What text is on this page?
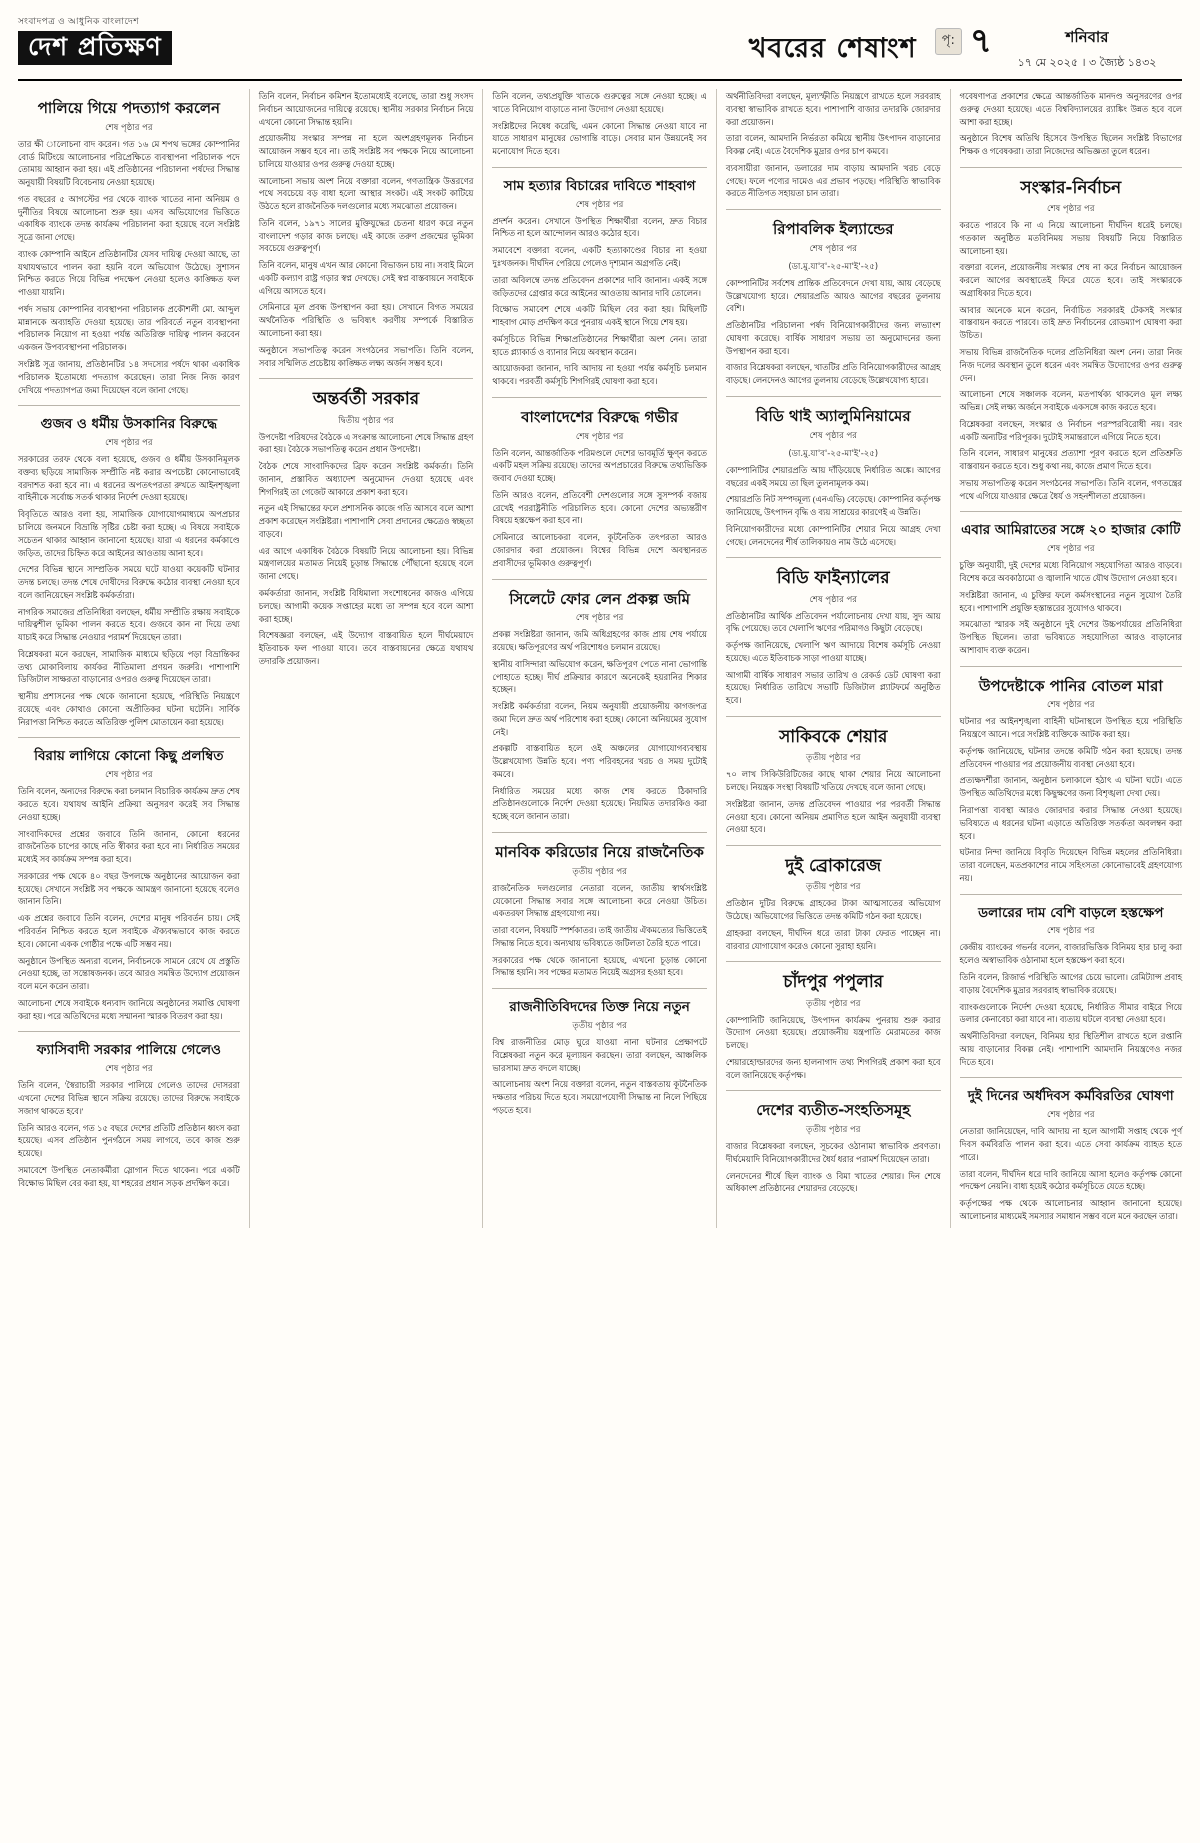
সংবাদপত্র ও আধুনিক বাংলাদেশ
দেশ প্রতিক্ষণ	খবরের শেষাংশ	পৃ: ৭	শনিবার
১৭ মে ২০২৫ । ৩ জ্যৈষ্ঠ ১৪৩২
পালিয়ে গিয়ে পদত্যাগ করলেন
শেষ পৃষ্ঠার পর

তার ক্ষী ালোচনা বাদ করেন। গত ১৬ মে শপথ ভঙ্গের কোম্পানির বোর্ড মিটিংয়ে আলোচনার পরিপ্রেক্ষিতে ব্যবস্থাপনা পরিচালক পদে তোমায় আহ্বান করা হয়। এই প্রতিষ্ঠানের পরিচালনা পর্ষদের সিদ্ধান্ত অনুযায়ী বিষয়টি বিবেচনায় নেওয়া হয়েছে।

গত বছরের ৫ আগস্টের পর থেকে ব্যাংক খাতের নানা অনিয়ম ও দুর্নীতির বিষয়ে আলোচনা শুরু হয়। এসব অভিযোগের ভিত্তিতে একাধিক ব্যাংকে তদন্ত কার্যক্রম পরিচালনা করা হয়েছে বলে সংশ্লিষ্ট সূত্রে জানা গেছে।

ব্যাংক কোম্পানি আইনে প্রতিষ্ঠানটির যেসব দায়িত্ব দেওয়া আছে, তা যথাযথভাবে পালন করা হয়নি বলে অভিযোগ উঠেছে। সুশাসন নিশ্চিত করতে গিয়ে বিভিন্ন পদক্ষেপ নেওয়া হলেও কাঙ্ক্ষিত ফল পাওয়া যায়নি।

পর্ষদ সভায় কোম্পানির ব্যবস্থাপনা পরিচালক প্রকৌশলী মো. আব্দুল মান্নানকে অব্যাহতি দেওয়া হয়েছে। তার পরিবর্তে নতুন ব্যবস্থাপনা পরিচালক নিয়োগ না হওয়া পর্যন্ত অতিরিক্ত দায়িত্ব পালন করবেন একজন উপব্যবস্থাপনা পরিচালক।

সংশ্লিষ্ট সূত্র জানায়, প্রতিষ্ঠানটির ১৪ সদস্যের পর্ষদে থাকা একাধিক পরিচালক ইতোমধ্যে পদত্যাগ করেছেন। তারা নিজ নিজ কারণ দেখিয়ে পদত্যাগপত্র জমা দিয়েছেন বলে জানা গেছে।

গুজব ও ধর্মীয় উসকানির বিরুদ্ধে
শেষ পৃষ্ঠার পর

সরকারের তরফ থেকে বলা হয়েছে, গুজব ও ধর্মীয় উসকানিমূলক বক্তব্য ছড়িয়ে সামাজিক সম্প্রীতি নষ্ট করার অপচেষ্টা কোনোভাবেই বরদাশত করা হবে না। এ ধরনের অপতৎপরতা রুখতে আইনশৃঙ্খলা বাহিনীকে সর্বোচ্চ সতর্ক থাকার নির্দেশ দেওয়া হয়েছে।

বিবৃতিতে আরও বলা হয়, সামাজিক যোগাযোগমাধ্যমে অপপ্রচার চালিয়ে জনমনে বিভ্রান্তি সৃষ্টির চেষ্টা করা হচ্ছে। এ বিষয়ে সবাইকে সচেতন থাকার আহ্বান জানানো হয়েছে। যারা এ ধরনের কর্মকাণ্ডে জড়িত, তাদের চিহ্নিত করে আইনের আওতায় আনা হবে।

দেশের বিভিন্ন স্থানে সাম্প্রতিক সময়ে ঘটে যাওয়া কয়েকটি ঘটনার তদন্ত চলছে। তদন্ত শেষে দোষীদের বিরুদ্ধে কঠোর ব্যবস্থা নেওয়া হবে বলে জানিয়েছেন সংশ্লিষ্ট কর্মকর্তারা।

নাগরিক সমাজের প্রতিনিধিরা বলছেন, ধর্মীয় সম্প্রীতি রক্ষায় সবাইকে দায়িত্বশীল ভূমিকা পালন করতে হবে। গুজবে কান না দিয়ে তথ্য যাচাই করে সিদ্ধান্ত নেওয়ার পরামর্শ দিয়েছেন তারা।

বিশ্লেষকরা মনে করছেন, সামাজিক মাধ্যমে ছড়িয়ে পড়া বিভ্রান্তিকর তথ্য মোকাবিলায় কার্যকর নীতিমালা প্রণয়ন জরুরি। পাশাপাশি ডিজিটাল সাক্ষরতা বাড়ানোর ওপরও গুরুত্ব দিয়েছেন তারা।

স্থানীয় প্রশাসনের পক্ষ থেকে জানানো হয়েছে, পরিস্থিতি নিয়ন্ত্রণে রয়েছে এবং কোথাও কোনো অপ্রীতিকর ঘটনা ঘটেনি। সার্বিক নিরাপত্তা নিশ্চিত করতে অতিরিক্ত পুলিশ মোতায়েন করা হয়েছে।

বিরায় লাগিয়ে কোনো কিছু প্রলম্বিত
শেষ পৃষ্ঠার পর

তিনি বলেন, অন্যদের বিরুদ্ধে করা চলমান বিচারিক কার্যক্রম দ্রুত শেষ করতে হবে। যথাযথ আইনি প্রক্রিয়া অনুসরণ করেই সব সিদ্ধান্ত নেওয়া হচ্ছে।

সাংবাদিকদের প্রশ্নের জবাবে তিনি জানান, কোনো ধরনের রাজনৈতিক চাপের কাছে নতি স্বীকার করা হবে না। নির্ধারিত সময়ের মধ্যেই সব কার্যক্রম সম্পন্ন করা হবে।

সরকারের পক্ষ থেকে ৪০ বছর উপলক্ষে অনুষ্ঠানের আয়োজন করা হয়েছে। সেখানে সংশ্লিষ্ট সব পক্ষকে আমন্ত্রণ জানানো হয়েছে বলেও জানান তিনি।

এক প্রশ্নের জবাবে তিনি বলেন, দেশের মানুষ পরিবর্তন চায়। সেই পরিবর্তন নিশ্চিত করতে হলে সবাইকে ঐক্যবদ্ধভাবে কাজ করতে হবে। কোনো একক গোষ্ঠীর পক্ষে এটি সম্ভব নয়।

অনুষ্ঠানে উপস্থিত অন্যরা বলেন, নির্বাচনকে সামনে রেখে যে প্রস্তুতি নেওয়া হচ্ছে, তা সন্তোষজনক। তবে আরও সমন্বিত উদ্যোগ প্রয়োজন বলে মনে করেন তারা।

আলোচনা শেষে সবাইকে ধন্যবাদ জানিয়ে অনুষ্ঠানের সমাপ্তি ঘোষণা করা হয়। পরে অতিথিদের মধ্যে সম্মাননা স্মারক বিতরণ করা হয়।

ফ্যাসিবাদী সরকার পালিয়ে গেলেও
শেষ পৃষ্ঠার পর

তিনি বলেন, 'স্বৈরাচারী সরকার পালিয়ে গেলেও তাদের দোসররা এখনো দেশের বিভিন্ন স্থানে সক্রিয় রয়েছে। তাদের বিরুদ্ধে সবাইকে সজাগ থাকতে হবে।'

তিনি আরও বলেন, গত ১৫ বছরে দেশের প্রতিটি প্রতিষ্ঠান ধ্বংস করা হয়েছে। এসব প্রতিষ্ঠান পুনর্গঠনে সময় লাগবে, তবে কাজ শুরু হয়েছে।

সমাবেশে উপস্থিত নেতাকর্মীরা স্লোগান দিতে থাকেন। পরে একটি বিক্ষোভ মিছিল বের করা হয়, যা শহরের প্রধান সড়ক প্রদক্ষিণ করে।

তিনি বলেন, নির্বাচন কমিশন ইতোমধ্যেই বলেছে, তারা শুধু সংসদ নির্বাচন আয়োজনের দায়িত্বে রয়েছে। স্থানীয় সরকার নির্বাচন নিয়ে এখনো কোনো সিদ্ধান্ত হয়নি।

প্রয়োজনীয় সংস্কার সম্পন্ন না হলে অংশগ্রহণমূলক নির্বাচন আয়োজন সম্ভব হবে না। তাই সংশ্লিষ্ট সব পক্ষকে নিয়ে আলোচনা চালিয়ে যাওয়ার ওপর গুরুত্ব দেওয়া হচ্ছে।

আলোচনা সভায় অংশ নিয়ে বক্তারা বলেন, গণতান্ত্রিক উত্তরণের পথে সবচেয়ে বড় বাধা হলো আস্থার সংকট। এই সংকট কাটিয়ে উঠতে হলে রাজনৈতিক দলগুলোর মধ্যে সমঝোতা প্রয়োজন।

তিনি বলেন, ১৯৭১ সালের মুক্তিযুদ্ধের চেতনা ধারণ করে নতুন বাংলাদেশ গড়ার কাজ চলছে। এই কাজে তরুণ প্রজন্মের ভূমিকা সবচেয়ে গুরুত্বপূর্ণ।

তিনি বলেন, মানুষ এখন আর কোনো বিভাজন চায় না। সবাই মিলে একটি কল্যাণ রাষ্ট্র গড়ার স্বপ্ন দেখছে। সেই স্বপ্ন বাস্তবায়নে সবাইকে এগিয়ে আসতে হবে।

সেমিনারে মূল প্রবন্ধ উপস্থাপন করা হয়। সেখানে বিগত সময়ের অর্থনৈতিক পরিস্থিতি ও ভবিষ্যৎ করণীয় সম্পর্কে বিস্তারিত আলোচনা করা হয়।

অনুষ্ঠানে সভাপতিত্ব করেন সংগঠনের সভাপতি। তিনি বলেন, সবার সম্মিলিত প্রচেষ্টায় কাঙ্ক্ষিত লক্ষ্য অর্জন সম্ভব হবে।

অন্তর্বর্তী সরকার
দ্বিতীয় পৃষ্ঠার পর

উপদেষ্টা পরিষদের বৈঠকে এ সংক্রান্ত আলোচনা শেষে সিদ্ধান্ত গ্রহণ করা হয়। বৈঠকে সভাপতিত্ব করেন প্রধান উপদেষ্টা।

বৈঠক শেষে সাংবাদিকদের ব্রিফ করেন সংশ্লিষ্ট কর্মকর্তা। তিনি জানান, প্রস্তাবিত অধ্যাদেশ অনুমোদন দেওয়া হয়েছে এবং শিগগিরই তা গেজেট আকারে প্রকাশ করা হবে।

নতুন এই সিদ্ধান্তের ফলে প্রশাসনিক কাজে গতি আসবে বলে আশা প্রকাশ করেছেন সংশ্লিষ্টরা। পাশাপাশি সেবা প্রদানের ক্ষেত্রেও স্বচ্ছতা বাড়বে।

এর আগে একাধিক বৈঠকে বিষয়টি নিয়ে আলোচনা হয়। বিভিন্ন মন্ত্রণালয়ের মতামত নিয়েই চূড়ান্ত সিদ্ধান্তে পৌঁছানো হয়েছে বলে জানা গেছে।

কর্মকর্তারা জানান, সংশ্লিষ্ট বিধিমালা সংশোধনের কাজও এগিয়ে চলছে। আগামী কয়েক সপ্তাহের মধ্যে তা সম্পন্ন হবে বলে আশা করা হচ্ছে।

বিশেষজ্ঞরা বলছেন, এই উদ্যোগ বাস্তবায়িত হলে দীর্ঘমেয়াদে ইতিবাচক ফল পাওয়া যাবে। তবে বাস্তবায়নের ক্ষেত্রে যথাযথ তদারকি প্রয়োজন।

তিনি বলেন, তথ্যপ্রযুক্তি খাতকে গুরুত্বের সঙ্গে নেওয়া হচ্ছে। এ খাতে বিনিয়োগ বাড়াতে নানা উদ্যোগ নেওয়া হয়েছে।

সংশ্লিষ্টদের নিষেধ করেছি, এমন কোনো সিদ্ধান্ত নেওয়া যাবে না যাতে সাধারণ মানুষের ভোগান্তি বাড়ে। সেবার মান উন্নয়নেই সব মনোযোগ দিতে হবে।

সাম হত্যার বিচারের দাবিতে শাহবাগ
শেষ পৃষ্ঠার পর

প্রদর্শন করেন। সেখানে উপস্থিত শিক্ষার্থীরা বলেন, দ্রুত বিচার নিশ্চিত না হলে আন্দোলন আরও কঠোর হবে।

সমাবেশে বক্তারা বলেন, একটি হত্যাকাণ্ডের বিচার না হওয়া দুঃখজনক। দীর্ঘদিন পেরিয়ে গেলেও দৃশ্যমান অগ্রগতি নেই।

তারা অবিলম্বে তদন্ত প্রতিবেদন প্রকাশের দাবি জানান। একই সঙ্গে জড়িতদের গ্রেপ্তার করে আইনের আওতায় আনার দাবি তোলেন।

বিক্ষোভ সমাবেশ শেষে একটি মিছিল বের করা হয়। মিছিলটি শাহবাগ মোড় প্রদক্ষিণ করে পুনরায় একই স্থানে গিয়ে শেষ হয়।

কর্মসূচিতে বিভিন্ন শিক্ষাপ্রতিষ্ঠানের শিক্ষার্থীরা অংশ নেন। তারা হাতে প্ল্যাকার্ড ও ব্যানার নিয়ে অবস্থান করেন।

আয়োজকরা জানান, দাবি আদায় না হওয়া পর্যন্ত কর্মসূচি চলমান থাকবে। পরবর্তী কর্মসূচি শিগগিরই ঘোষণা করা হবে।

বাংলাদেশের বিরুদ্ধে গভীর
শেষ পৃষ্ঠার পর

তিনি বলেন, আন্তর্জাতিক পরিমণ্ডলে দেশের ভাবমূর্তি ক্ষুণ্ন করতে একটি মহল সক্রিয় রয়েছে। তাদের অপপ্রচারের বিরুদ্ধে তথ্যভিত্তিক জবাব দেওয়া হচ্ছে।

তিনি আরও বলেন, প্রতিবেশী দেশগুলোর সঙ্গে সুসম্পর্ক বজায় রেখেই পররাষ্ট্রনীতি পরিচালিত হবে। কোনো দেশের অভ্যন্তরীণ বিষয়ে হস্তক্ষেপ করা হবে না।

সেমিনারে আলোচকরা বলেন, কূটনৈতিক তৎপরতা আরও জোরদার করা প্রয়োজন। বিশ্বের বিভিন্ন দেশে অবস্থানরত প্রবাসীদের ভূমিকাও গুরুত্বপূর্ণ।

সিলেটে ফোর লেন প্রকল্প জমি
শেষ পৃষ্ঠার পর

প্রকল্প সংশ্লিষ্টরা জানান, জমি অধিগ্রহণের কাজ প্রায় শেষ পর্যায়ে রয়েছে। ক্ষতিপূরণের অর্থ পরিশোধও চলমান রয়েছে।

স্থানীয় বাসিন্দারা অভিযোগ করেন, ক্ষতিপূরণ পেতে নানা ভোগান্তি পোহাতে হচ্ছে। দীর্ঘ প্রক্রিয়ার কারণে অনেকেই হয়রানির শিকার হচ্ছেন।

সংশ্লিষ্ট কর্মকর্তারা বলেন, নিয়ম অনুযায়ী প্রয়োজনীয় কাগজপত্র জমা দিলে দ্রুত অর্থ পরিশোধ করা হচ্ছে। কোনো অনিয়মের সুযোগ নেই।

প্রকল্পটি বাস্তবায়িত হলে ওই অঞ্চলের যোগাযোগব্যবস্থায় উল্লেখযোগ্য উন্নতি হবে। পণ্য পরিবহনের খরচ ও সময় দুটোই কমবে।

নির্ধারিত সময়ের মধ্যে কাজ শেষ করতে ঠিকাদারি প্রতিষ্ঠানগুলোকে নির্দেশ দেওয়া হয়েছে। নিয়মিত তদারকিও করা হচ্ছে বলে জানান তারা।

মানবিক করিডোর নিয়ে রাজনৈতিক
তৃতীয় পৃষ্ঠার পর

রাজনৈতিক দলগুলোর নেতারা বলেন, জাতীয় স্বার্থসংশ্লিষ্ট যেকোনো সিদ্ধান্ত সবার সঙ্গে আলোচনা করে নেওয়া উচিত। একতরফা সিদ্ধান্ত গ্রহণযোগ্য নয়।

তারা বলেন, বিষয়টি স্পর্শকাতর। তাই জাতীয় ঐকমত্যের ভিত্তিতেই সিদ্ধান্ত নিতে হবে। অন্যথায় ভবিষ্যতে জটিলতা তৈরি হতে পারে।

সরকারের পক্ষ থেকে জানানো হয়েছে, এখনো চূড়ান্ত কোনো সিদ্ধান্ত হয়নি। সব পক্ষের মতামত নিয়েই অগ্রসর হওয়া হবে।

রাজনীতিবিদদের তিক্ত নিয়ে নতুন
তৃতীয় পৃষ্ঠার পর

বিশ্ব রাজনীতির মোড় ঘুরে যাওয়া নানা ঘটনার প্রেক্ষাপটে বিশ্লেষকরা নতুন করে মূল্যায়ন করছেন। তারা বলছেন, আঞ্চলিক ভারসাম্য দ্রুত বদলে যাচ্ছে।

আলোচনায় অংশ নিয়ে বক্তারা বলেন, নতুন বাস্তবতায় কূটনৈতিক দক্ষতার পরিচয় দিতে হবে। সময়োপযোগী সিদ্ধান্ত না নিলে পিছিয়ে পড়তে হবে।

অর্থনীতিবিদরা বলছেন, মূল্যস্ফীতি নিয়ন্ত্রণে রাখতে হলে সরবরাহ ব্যবস্থা স্বাভাবিক রাখতে হবে। পাশাপাশি বাজার তদারকি জোরদার করা প্রয়োজন।

তারা বলেন, আমদানি নির্ভরতা কমিয়ে স্থানীয় উৎপাদন বাড়ানোর বিকল্প নেই। এতে বৈদেশিক মুদ্রার ওপর চাপ কমবে।

ব্যবসায়ীরা জানান, ডলারের দাম বাড়ায় আমদানি খরচ বেড়ে গেছে। ফলে পণ্যের দামেও এর প্রভাব পড়ছে। পরিস্থিতি স্বাভাবিক করতে নীতিগত সহায়তা চান তারা।

রিপাবলিক ইল্যান্ডের
শেষ পৃষ্ঠার পর
(ডা.মু.যা'ব'-২৫-মা'ই'-২৫)

কোম্পানিটির সর্বশেষ প্রান্তিক প্রতিবেদনে দেখা যায়, আয় বেড়েছে উল্লেখযোগ্য হারে। শেয়ারপ্রতি আয়ও আগের বছরের তুলনায় বেশি।

প্রতিষ্ঠানটির পরিচালনা পর্ষদ বিনিয়োগকারীদের জন্য লভ্যাংশ ঘোষণা করেছে। বার্ষিক সাধারণ সভায় তা অনুমোদনের জন্য উপস্থাপন করা হবে।

বাজার বিশ্লেষকরা বলছেন, খাতটির প্রতি বিনিয়োগকারীদের আগ্রহ বাড়ছে। লেনদেনও আগের তুলনায় বেড়েছে উল্লেখযোগ্য হারে।

বিডি থাই অ্যালুমিনিয়ামের
শেষ পৃষ্ঠার পর
(ডা.মু.যা'ব'-২৫-মা'ই'-২৫)

কোম্পানিটির শেয়ারপ্রতি আয় দাঁড়িয়েছে নির্ধারিত অঙ্কে। আগের বছরের একই সময়ে তা ছিল তুলনামূলক কম।

শেয়ারপ্রতি নিট সম্পদমূল্য (এনএভি) বেড়েছে। কোম্পানির কর্তৃপক্ষ জানিয়েছে, উৎপাদন বৃদ্ধি ও ব্যয় সাশ্রয়ের কারণেই এ উন্নতি।

বিনিয়োগকারীদের মধ্যে কোম্পানিটির শেয়ার নিয়ে আগ্রহ দেখা গেছে। লেনদেনের শীর্ষ তালিকায়ও নাম উঠে এসেছে।

বিডি ফাইন্যালের
শেষ পৃষ্ঠার পর

প্রতিষ্ঠানটির আর্থিক প্রতিবেদন পর্যালোচনায় দেখা যায়, সুদ আয় বৃদ্ধি পেয়েছে। তবে খেলাপি ঋণের পরিমাণও কিছুটা বেড়েছে।

কর্তৃপক্ষ জানিয়েছে, খেলাপি ঋণ আদায়ে বিশেষ কর্মসূচি নেওয়া হয়েছে। এতে ইতিবাচক সাড়া পাওয়া যাচ্ছে।

আগামী বার্ষিক সাধারণ সভার তারিখ ও রেকর্ড ডেট ঘোষণা করা হয়েছে। নির্ধারিত তারিখে সভাটি ডিজিটাল প্ল্যাটফর্মে অনুষ্ঠিত হবে।

সাকিবকে শেয়ার
তৃতীয় পৃষ্ঠার পর

৭০ লাখ সিকিউরিটিজের কাছে থাকা শেয়ার নিয়ে আলোচনা চলছে। নিয়ন্ত্রক সংস্থা বিষয়টি খতিয়ে দেখছে বলে জানা গেছে।

সংশ্লিষ্টরা জানান, তদন্ত প্রতিবেদন পাওয়ার পর পরবর্তী সিদ্ধান্ত নেওয়া হবে। কোনো অনিয়ম প্রমাণিত হলে আইন অনুযায়ী ব্যবস্থা নেওয়া হবে।

দুই ব্রোকারেজ
তৃতীয় পৃষ্ঠার পর

প্রতিষ্ঠান দুটির বিরুদ্ধে গ্রাহকের টাকা আত্মসাতের অভিযোগ উঠেছে। অভিযোগের ভিত্তিতে তদন্ত কমিটি গঠন করা হয়েছে।

গ্রাহকরা বলছেন, দীর্ঘদিন ধরে তারা টাকা ফেরত পাচ্ছেন না। বারবার যোগাযোগ করেও কোনো সুরাহা হয়নি।

চাঁদপুর পপুলার
তৃতীয় পৃষ্ঠার পর

কোম্পানিটি জানিয়েছে, উৎপাদন কার্যক্রম পুনরায় শুরু করার উদ্যোগ নেওয়া হয়েছে। প্রয়োজনীয় যন্ত্রপাতি মেরামতের কাজ চলছে।

শেয়ারহোল্ডারদের জন্য হালনাগাদ তথ্য শিগগিরই প্রকাশ করা হবে বলে জানিয়েছে কর্তৃপক্ষ।

দেশের ব্যতীত-সংহতিসমূহ
তৃতীয় পৃষ্ঠার পর

বাজার বিশ্লেষকরা বলছেন, সূচকের ওঠানামা স্বাভাবিক প্রবণতা। দীর্ঘমেয়াদি বিনিয়োগকারীদের ধৈর্য ধরার পরামর্শ দিয়েছেন তারা।

লেনদেনের শীর্ষে ছিল ব্যাংক ও বিমা খাতের শেয়ার। দিন শেষে অধিকাংশ প্রতিষ্ঠানের শেয়ারদর বেড়েছে।

গবেষণাপত্র প্রকাশের ক্ষেত্রে আন্তর্জাতিক মানদণ্ড অনুসরণের ওপর গুরুত্ব দেওয়া হয়েছে। এতে বিশ্ববিদ্যালয়ের র‍্যাঙ্কিং উন্নত হবে বলে আশা করা হচ্ছে।

অনুষ্ঠানে বিশেষ অতিথি হিসেবে উপস্থিত ছিলেন সংশ্লিষ্ট বিভাগের শিক্ষক ও গবেষকরা। তারা নিজেদের অভিজ্ঞতা তুলে ধরেন।

সংস্কার-নির্বাচন
শেষ পৃষ্ঠার পর

করতে পারবে কি না এ নিয়ে আলোচনা দীর্ঘদিন ধরেই চলছে। গতকাল অনুষ্ঠিত মতবিনিময় সভায় বিষয়টি নিয়ে বিস্তারিত আলোচনা হয়।

বক্তারা বলেন, প্রয়োজনীয় সংস্কার শেষ না করে নির্বাচন আয়োজন করলে আগের অবস্থাতেই ফিরে যেতে হবে। তাই সংস্কারকে অগ্রাধিকার দিতে হবে।

আবার অনেকে মনে করেন, নির্বাচিত সরকারই টেকসই সংস্কার বাস্তবায়ন করতে পারবে। তাই দ্রুত নির্বাচনের রোডম্যাপ ঘোষণা করা উচিত।

সভায় বিভিন্ন রাজনৈতিক দলের প্রতিনিধিরা অংশ নেন। তারা নিজ নিজ দলের অবস্থান তুলে ধরেন এবং সমন্বিত উদ্যোগের ওপর গুরুত্ব দেন।

আলোচনা শেষে সঞ্চালক বলেন, মতপার্থক্য থাকলেও মূল লক্ষ্য অভিন্ন। সেই লক্ষ্য অর্জনে সবাইকে একসঙ্গে কাজ করতে হবে।

বিশ্লেষকরা বলছেন, সংস্কার ও নির্বাচন পরস্পরবিরোধী নয়। বরং একটি অন্যটির পরিপূরক। দুটোই সমান্তরালে এগিয়ে নিতে হবে।

তিনি বলেন, সাধারণ মানুষের প্রত্যাশা পূরণ করতে হলে প্রতিশ্রুতি বাস্তবায়ন করতে হবে। শুধু কথা নয়, কাজে প্রমাণ দিতে হবে।

সভায় সভাপতিত্ব করেন সংগঠনের সভাপতি। তিনি বলেন, গণতন্ত্রের পথে এগিয়ে যাওয়ার ক্ষেত্রে ধৈর্য ও সহনশীলতা প্রয়োজন।

এবার আমিরাতের সঙ্গে ২০ হাজার কোটি
শেষ পৃষ্ঠার পর

চুক্তি অনুযায়ী, দুই দেশের মধ্যে বিনিয়োগ সহযোগিতা আরও বাড়বে। বিশেষ করে অবকাঠামো ও জ্বালানি খাতে যৌথ উদ্যোগ নেওয়া হবে।

সংশ্লিষ্টরা জানান, এ চুক্তির ফলে কর্মসংস্থানের নতুন সুযোগ তৈরি হবে। পাশাপাশি প্রযুক্তি হস্তান্তরের সুযোগও থাকবে।

সমঝোতা স্মারক সই অনুষ্ঠানে দুই দেশের উচ্চপর্যায়ের প্রতিনিধিরা উপস্থিত ছিলেন। তারা ভবিষ্যতে সহযোগিতা আরও বাড়ানোর আশাবাদ ব্যক্ত করেন।

উপদেষ্টাকে পানির বোতল মারা
শেষ পৃষ্ঠার পর

ঘটনার পর আইনশৃঙ্খলা বাহিনী ঘটনাস্থলে উপস্থিত হয়ে পরিস্থিতি নিয়ন্ত্রণে আনে। পরে সংশ্লিষ্ট ব্যক্তিকে আটক করা হয়।

কর্তৃপক্ষ জানিয়েছে, ঘটনার তদন্তে কমিটি গঠন করা হয়েছে। তদন্ত প্রতিবেদন পাওয়ার পর প্রয়োজনীয় ব্যবস্থা নেওয়া হবে।

প্রত্যক্ষদর্শীরা জানান, অনুষ্ঠান চলাকালে হঠাৎ এ ঘটনা ঘটে। এতে উপস্থিত অতিথিদের মধ্যে কিছুক্ষণের জন্য বিশৃঙ্খলা দেখা দেয়।

নিরাপত্তা ব্যবস্থা আরও জোরদার করার সিদ্ধান্ত নেওয়া হয়েছে। ভবিষ্যতে এ ধরনের ঘটনা এড়াতে অতিরিক্ত সতর্কতা অবলম্বন করা হবে।

ঘটনার নিন্দা জানিয়ে বিবৃতি দিয়েছেন বিভিন্ন মহলের প্রতিনিধিরা। তারা বলেছেন, মতপ্রকাশের নামে সহিংসতা কোনোভাবেই গ্রহণযোগ্য নয়।

ডলারের দাম বেশি বাড়লে হস্তক্ষেপ
শেষ পৃষ্ঠার পর

কেন্দ্রীয় ব্যাংকের গভর্নর বলেন, বাজারভিত্তিক বিনিময় হার চালু করা হলেও অস্বাভাবিক ওঠানামা হলে হস্তক্ষেপ করা হবে।

তিনি বলেন, রিজার্ভ পরিস্থিতি আগের চেয়ে ভালো। রেমিট্যান্স প্রবাহ বাড়ায় বৈদেশিক মুদ্রার সরবরাহ স্বাভাবিক রয়েছে।

ব্যাংকগুলোকে নির্দেশ দেওয়া হয়েছে, নির্ধারিত সীমার বাইরে গিয়ে ডলার কেনাবেচা করা যাবে না। ব্যত্যয় ঘটলে ব্যবস্থা নেওয়া হবে।

অর্থনীতিবিদরা বলছেন, বিনিময় হার স্থিতিশীল রাখতে হলে রপ্তানি আয় বাড়ানোর বিকল্প নেই। পাশাপাশি আমদানি নিয়ন্ত্রণেও নজর দিতে হবে।

দুই দিনের অর্ধদিবস কর্মবিরতির ঘোষণা
শেষ পৃষ্ঠার পর

নেতারা জানিয়েছেন, দাবি আদায় না হলে আগামী সপ্তাহ থেকে পূর্ণ দিবস কর্মবিরতি পালন করা হবে। এতে সেবা কার্যক্রম ব্যাহত হতে পারে।

তারা বলেন, দীর্ঘদিন ধরে দাবি জানিয়ে আসা হলেও কর্তৃপক্ষ কোনো পদক্ষেপ নেয়নি। বাধ্য হয়েই কঠোর কর্মসূচিতে যেতে হচ্ছে।

কর্তৃপক্ষের পক্ষ থেকে আলোচনার আহ্বান জানানো হয়েছে। আলোচনার মাধ্যমেই সমস্যার সমাধান সম্ভব বলে মনে করছেন তারা।
